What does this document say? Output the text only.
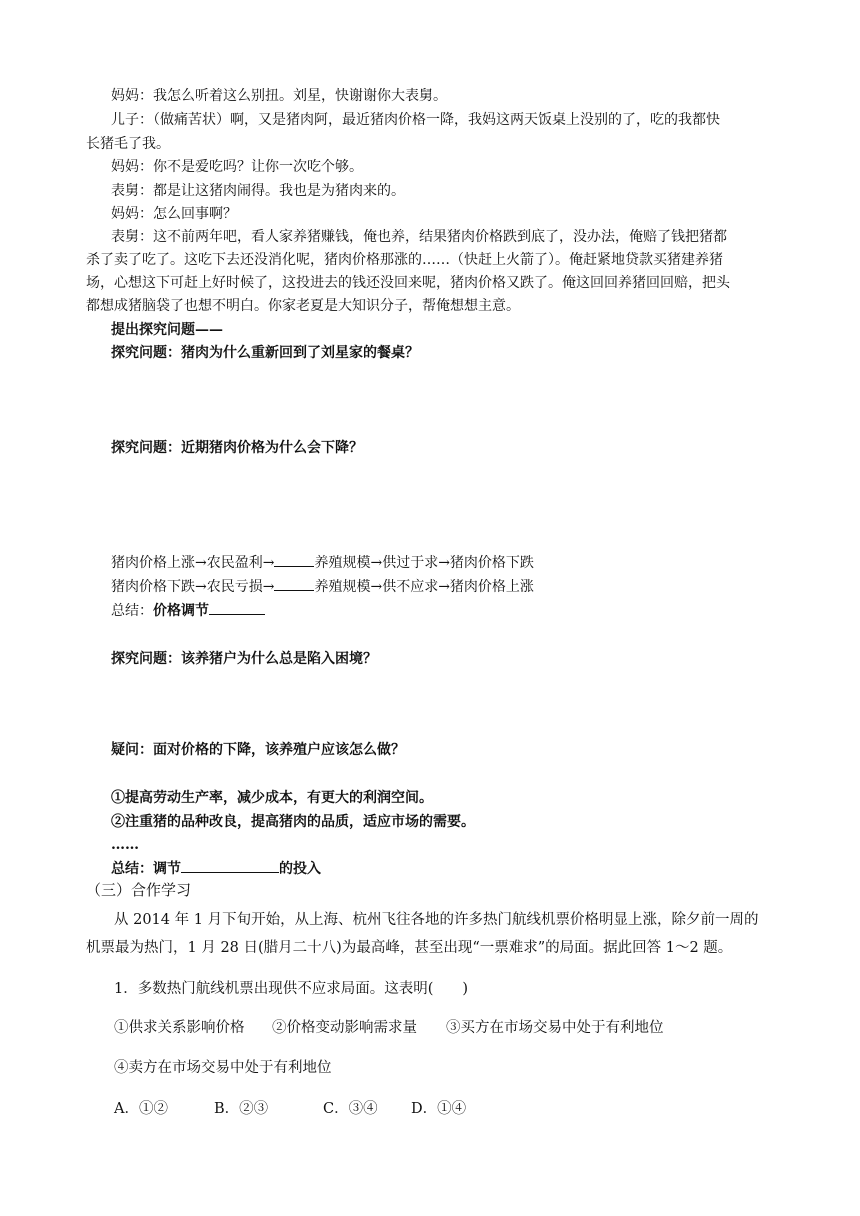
妈妈：我怎么听着这么别扭。刘星，快谢谢你大表舅。
儿子：（做痛苦状）啊，又是猪肉阿，最近猪肉价格一降，我妈这两天饭桌上没别的了，吃的我都快
长猪毛了我。
妈妈：你不是爱吃吗？让你一次吃个够。
表舅：都是让这猪肉闹得。我也是为猪肉来的。
妈妈：怎么回事啊？
表舅：这不前两年吧，看人家养猪赚钱，俺也养，结果猪肉价格跌到底了，没办法，俺赔了钱把猪都
杀了卖了吃了。这吃下去还没消化呢，猪肉价格那涨的……（快赶上火箭了）。俺赶紧地贷款买猪建养猪
场，心想这下可赶上好时候了，这投进去的钱还没回来呢，猪肉价格又跌了。俺这回回养猪回回赔，把头
都想成猪脑袋了也想不明白。你家老夏是大知识分子，帮俺想想主意。
提出探究问题——
探究问题：猪肉为什么重新回到了刘星家的餐桌？
探究问题：近期猪肉价格为什么会下降？
猪肉价格上涨→农民盈利→	养殖规模→供过于求→猪肉价格下跌
猪肉价格下跌→农民亏损→	养殖规模→供不应求→猪肉价格上涨
总结：价格调节
探究问题：该养猪户为什么总是陷入困境？
疑问：面对价格的下降，该养殖户应该怎么做？
①提高劳动生产率，减少成本，有更大的利润空间。
②注重猪的品种改良，提高猪肉的品质，适应市场的需要。
……
总结：调节	的投入
（三）合作学习
从 2014 年 1 月下旬开始，从上海、杭州飞往各地的许多热门航线机票价格明显上涨，除夕前一周的
机票最为热门，1 月 28 日(腊月二十八)为最高峰，甚至出现“一票难求”的局面。据此回答 1～2 题。
1．多数热门航线机票出现供不应求局面。这表明(　　)
①供求关系影响价格 ②价格变动影响需求量 ③买方在市场交易中处于有利地位
④卖方在市场交易中处于有利地位
A．①②	B．②③	C．③④ D．①④
